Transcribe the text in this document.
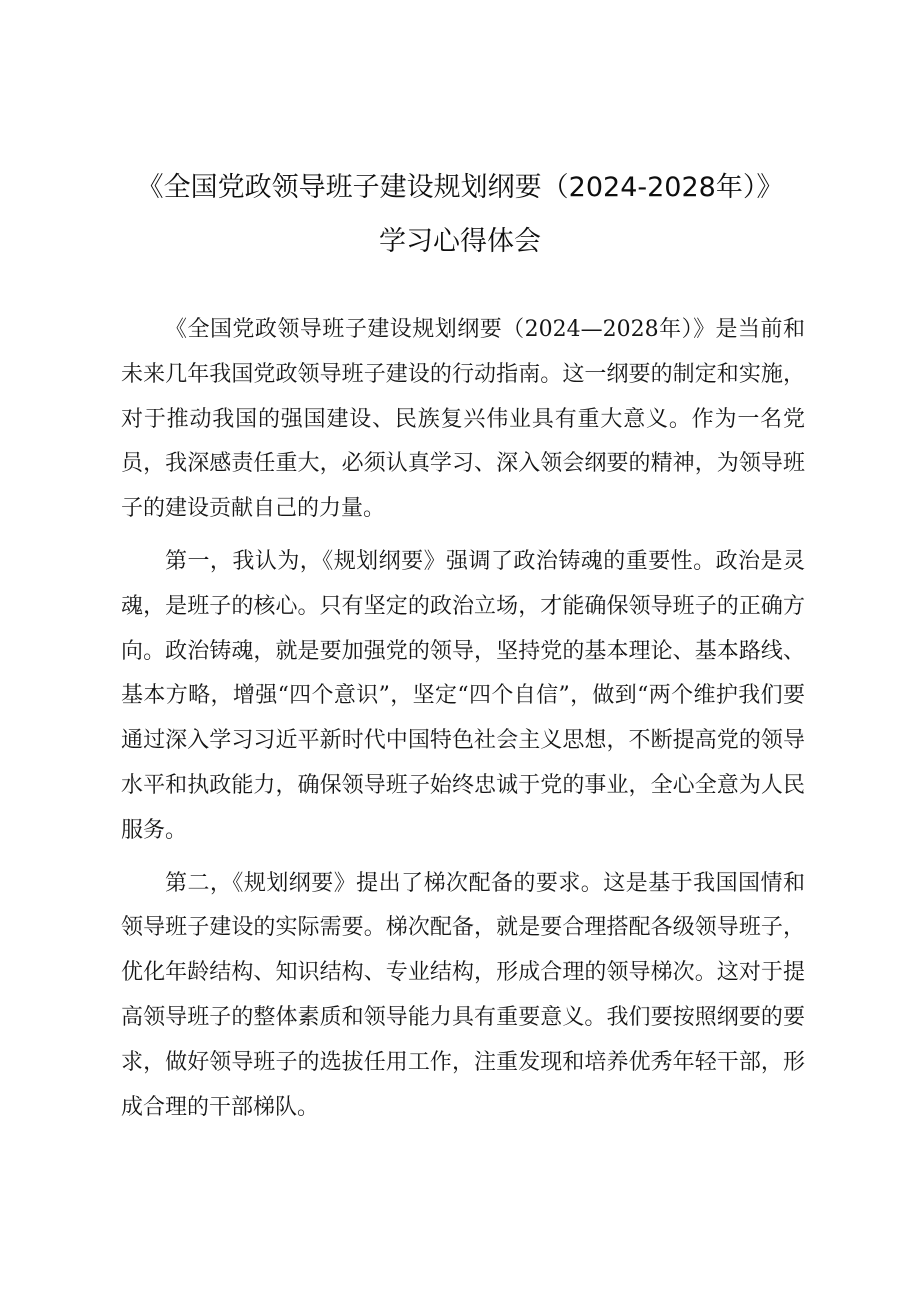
《全国党政领导班子建设规划纲要（2024-2028年）》
学习心得体会

《全国党政领导班子建设规划纲要（2024—2028年）》是当前和未来几年我国党政领导班子建设的行动指南。这一纲要的制定和实施，对于推动我国的强国建设、民族复兴伟业具有重大意义。作为一名党员，我深感责任重大，必须认真学习、深入领会纲要的精神，为领导班子的建设贡献自己的力量。

第一，我认为，《规划纲要》强调了政治铸魂的重要性。政治是灵魂，是班子的核心。只有坚定的政治立场，才能确保领导班子的正确方向。政治铸魂，就是要加强党的领导，坚持党的基本理论、基本路线、基本方略，增强“四个意识”，坚定“四个自信”，做到“两个维护我们要通过深入学习习近平新时代中国特色社会主义思想，不断提高党的领导水平和执政能力，确保领导班子始终忠诚于党的事业，全心全意为人民服务。

第二，《规划纲要》提出了梯次配备的要求。这是基于我国国情和领导班子建设的实际需要。梯次配备，就是要合理搭配各级领导班子，优化年龄结构、知识结构、专业结构，形成合理的领导梯次。这对于提高领导班子的整体素质和领导能力具有重要意义。我们要按照纲要的要求，做好领导班子的选拔任用工作，注重发现和培养优秀年轻干部，形成合理的干部梯队。
